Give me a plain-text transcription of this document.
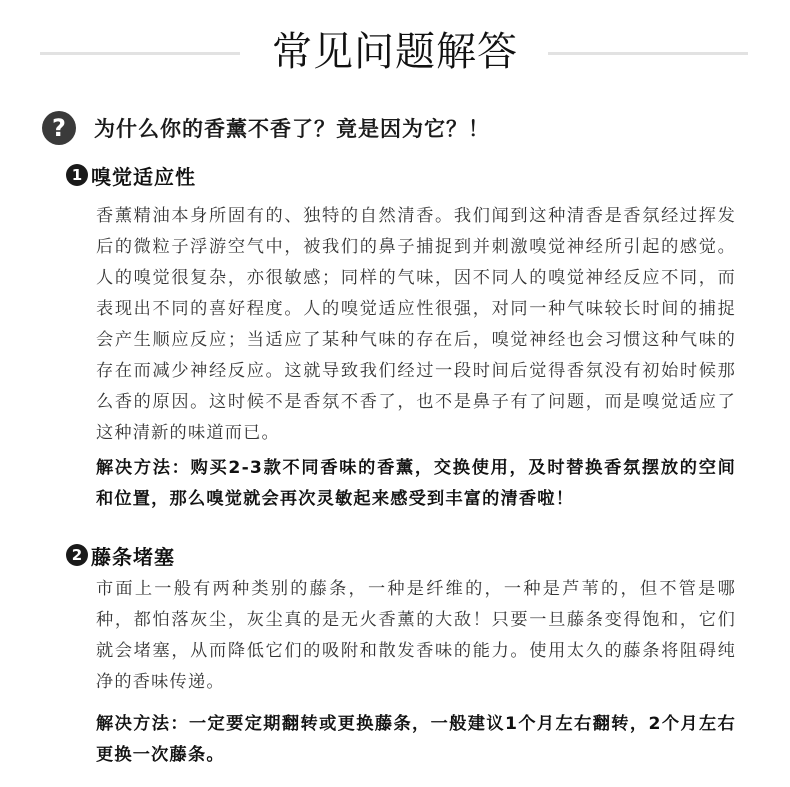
常见问题解答
?	为什么你的香薰不香了？竟是因为它？！
1 嗅觉适应性

香薰精油本身所固有的、独特的自然清香。我们闻到这种清香是香氛经过挥发后的微粒子浮游空气中，被我们的鼻子捕捉到并刺激嗅觉神经所引起的感觉。人的嗅觉很复杂，亦很敏感；同样的气味，因不同人的嗅觉神经反应不同，而表现出不同的喜好程度。人的嗅觉适应性很强，对同一种气味较长时间的捕捉会产生顺应反应；当适应了某种气味的存在后，嗅觉神经也会习惯这种气味的存在而减少神经反应。这就导致我们经过一段时间后觉得香氛没有初始时候那么香的原因。这时候不是香氛不香了，也不是鼻子有了问题，而是嗅觉适应了这种清新的味道而已。

解决方法：购买2-3款不同香味的香薰，交换使用，及时替换香氛摆放的空间和位置，那么嗅觉就会再次灵敏起来感受到丰富的清香啦！

2 藤条堵塞

市面上一般有两种类别的藤条，一种是纤维的，一种是芦苇的，但不管是哪种，都怕落灰尘，灰尘真的是无火香薰的大敌！只要一旦藤条变得饱和，它们就会堵塞，从而降低它们的吸附和散发香味的能力。使用太久的藤条将阻碍纯净的香味传递。

解决方法：一定要定期翻转或更换藤条，一般建议1个月左右翻转，2个月左右更换一次藤条。
